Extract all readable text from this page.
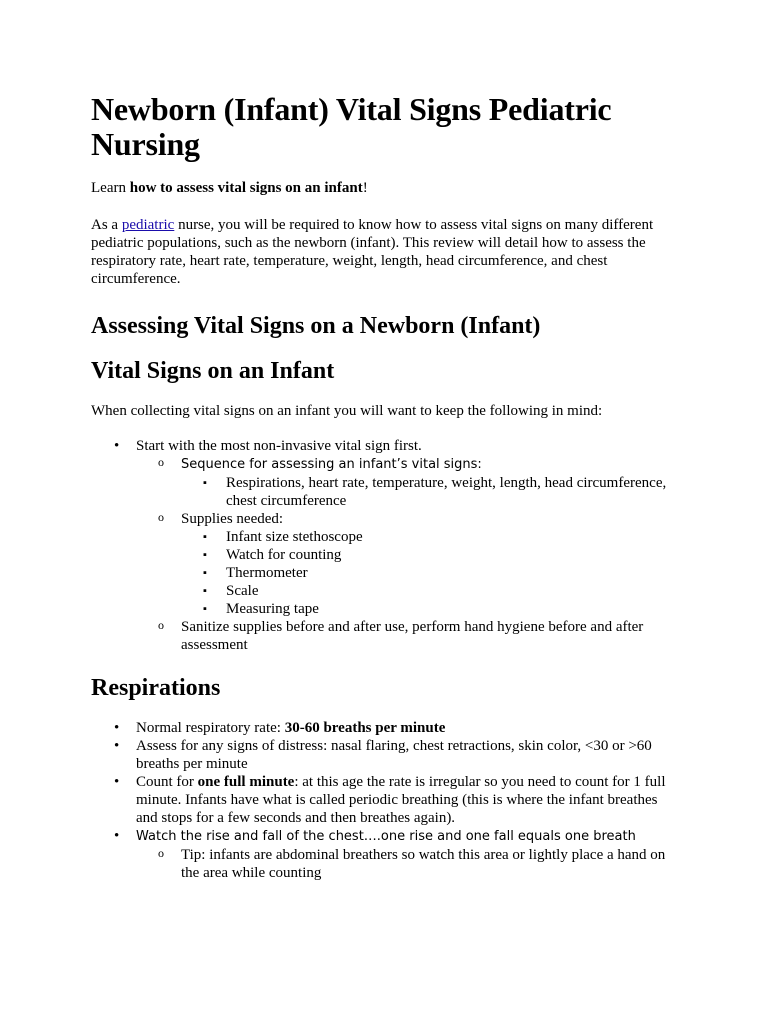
Newborn (Infant) Vital Signs Pediatric Nursing

Learn how to assess vital signs on an infant!

As a pediatric nurse, you will be required to know how to assess vital signs on many different pediatric populations, such as the newborn (infant). This review will detail how to assess the respiratory rate, heart rate, temperature, weight, length, head circumference, and chest circumference.

Assessing Vital Signs on a Newborn (Infant)
Vital Signs on an Infant

When collecting vital signs on an infant you will want to keep the following in mind:

• Start with the most non-invasive vital sign first.
o Sequence for assessing an infant’s vital signs:
▪ Respirations, heart rate, temperature, weight, length, head circumference, chest circumference
o Supplies needed:
▪ Infant size stethoscope
▪ Watch for counting
▪ Thermometer
▪ Scale
▪ Measuring tape
o Sanitize supplies before and after use, perform hand hygiene before and after assessment
Respirations
• Normal respiratory rate: 30-60 breaths per minute
• Assess for any signs of distress: nasal flaring, chest retractions, skin color, <30 or >60 breaths per minute
• Count for one full minute: at this age the rate is irregular so you need to count for 1 full minute. Infants have what is called periodic breathing (this is where the infant breathes and stops for a few seconds and then breathes again).
• Watch the rise and fall of the chest….one rise and one fall equals one breath
o Tip: infants are abdominal breathers so watch this area or lightly place a hand on the area while counting
